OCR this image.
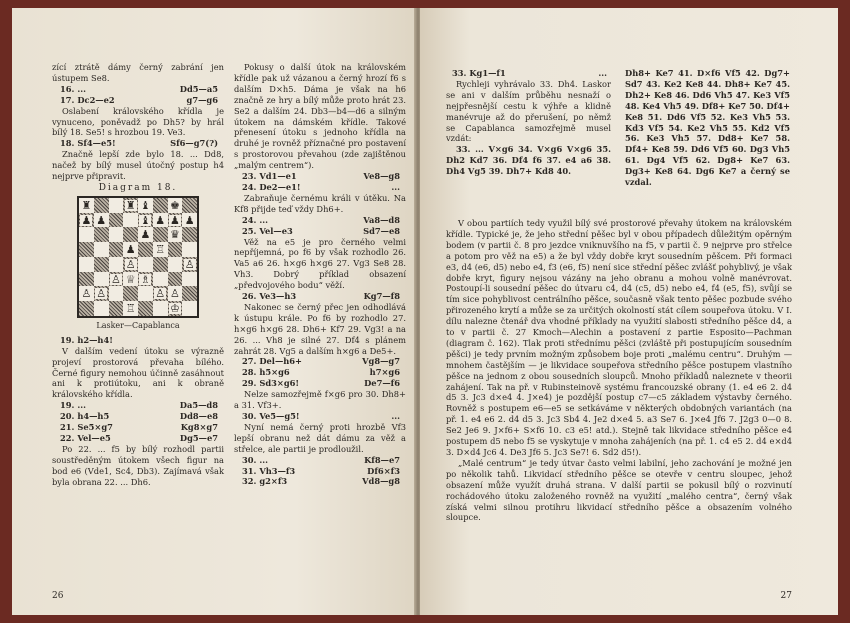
zící ztrátě dámy černý zabrání jen ústupem Se8.

16. ...	Dd5—a5
17. Dc2—e2	g7—g6

Oslabení královského křídla je vynuceno, poněvadž po Dh5? by hrál bílý 18. Se5! s hrozbou 19. Ve3.

18. Sf4—e5!	Sf6—g7(?)

Značně lepší zde bylo 18. ... Dd8, načež by bílý musel útočný postup h4 nejprve připravit.

Diagram 18.
♜	♜ ♝ ♚
♟ ♟	♝ ♟ ♟ ♟
♟ ♛
♟ ♖
♙	♙
♙ ♕ ♗
♙ ♙	♙ ♙
♖	♔
Lasker—Capablanca
19. h2—h4!

V dalším vedení útoku se výrazně projeví prostorová převaha bílého. Černé figury nemohou účinně zasáhnout ani k protiútoku, ani k obraně královského křídla.

19. ...	Da5—d8
20. h4—h5	Dd8—e8
21. Se5×g7	Kg8×g7
22. Vel—e5	Dg5—e7

Po 22. ... f5 by bílý rozhodl partii soustředěným útokem všech figur na bod e6 (Vde1, Sc4, Db3). Zajímavá však byla obrana 22. ... Dh6.

Pokusy o další útok na královském křídle pak už vázanou a černý hrozí f6 s dalším D×h5. Dáma je však na h6 značně ze hry a bílý může proto hrát 23. Se2 a dalším 24. Db3—b4—d6 a silným útokem na dámském křídle. Takové přenesení útoku s jednoho křídla na druhé je rovněž příznačné pro postavení s prostorovou převahou (zde zajištěnou „malým centrem“).

23. Vd1—e1	Ve8—g8
24. De2—e1!	...

Zabraňuje černému králi v útěku. Na Kf8 přijde teď vždy Dh6+.

24. ...	Va8—d8
25. Vel—e3	Sd7—e8

Věž na e5 je pro černého velmi nepříjemná, po f6 by však rozhodlo 26. Va5 a6 26. h×g6 h×g6 27. Vg3 Se8 28. Vh3. Dobrý příklad obsazení „předvojového bodu“ věží.

26. Ve3—h3	Kg7—f8

Nakonec se černý přec jen odhodlává k ústupu krále. Po f6 by rozhodlo 27. h×g6 h×g6 28. Dh6+ Kf7 29. Vg3! a na 26. ... Vh8 je silné 27. Df4 s plánem zahrát 28. Vg5 a dalším h×g6 a De5+.

27. Del—h6+	Vg8—g7
28. h5×g6	h7×g6
29. Sd3×g6!	De7—f6

Nelze samozřejmě f×g6 pro 30. Dh8+ a 31. Vf3+.

30. Ve5—g5!	...

Nyní nemá černý proti hrozbě Vf3 lepší obranu než dát dámu za věž a střelce, ale partii je prodloužil.

30. ...	Kf8—e7
31. Vh3—f3	Df6×f3
32. g2×f3	Vd8—g8
26
33. Kg1—f1	...

Rychleji vyhrávalo 33. Dh4. Laskor se ani v dalším průběhu nesnaží o nejpřesnější cestu k výhře a klidně manévruje až do přerušení, po němž se Capablanca samozřejmě musel vzdát:

33. ... V×g6 34. V×g6 V×g6 35. Dh2 Kd7 36. Df4 f6 37. e4 a6 38. Dh4 Vg5 39. Dh7+ Kd8 40.

Dh8+ Ke7 41. D×f6 Vf5 42. Dg7+ Sd7 43. Ke2 Ke8 44. Dh8+ Ke7 45. Dh2+ Ke8 46. Dd6 Vh5 47. Ke3 Vf5 48. Ke4 Vh5 49. Df8+ Ke7 50. Df4+ Ke8 51. Dd6 Vf5 52. Ke3 Vh5 53. Kd3 Vf5 54. Ke2 Vh5 55. Kd2 Vf5 56. Ke3 Vh5 57. Dd8+ Ke7 58. Df4+ Ke8 59. Dd6 Vf5 60. Dg3 Vh5 61. Dg4 Vf5 62. Dg8+ Ke7 63. Dg3+ Ke8 64. Dg6 Ke7 a černý se vzdal.

V obou partiích tedy využil bílý své prostorové převahy útokem na královském křídle. Typické je, že jeho střední pěšec byl v obou případech důležitým opěrným bodem (v partii č. 8 pro jezdce vniknuvšího na f5, v partii č. 9 nejprve pro střelce a potom pro věž na e5) a že byl vždy dobře kryt sousedním pěšcem. Při formaci e3, d4 (e6, d5) nebo e4, f3 (e6, f5) není sice střední pěšec zvlášť pohyblivý, je však dobře kryt, figury nejsou vázány na jeho obranu a mohou volně manévrovat. Postoupí-li sousední pěšec do útvaru c4, d4 (c5, d5) nebo e4, f4 (e5, f5), svůjí se tím sice pohyblivost centrálního pěšce, současně však tento pěšec pozbude svého přirozeného krytí a může se za určitých okolností stát cílem soupeřova útoku. V I. dílu nalezne čtenář dva vhodné příklady na využití slabosti středního pěšce d4, a to v partii č. 27 Kmoch—Alechin a postavení z partie Esposito—Pachman (diagram č. 162). Tlak proti střednímu pěšci (zvláště při postupujícím sousedním pěšci) je tedy prvním možným způsobem boje proti „malému centru“. Druhým — mnohem častějším — je likvidace soupeřova středního pěšce postupem vlastního pěšce na jednom z obou sousedních sloupců. Mnoho příkladů naleznete v theorii zahájení. Tak na př. v Rubinsteinově systému francouzské obrany (1. e4 e6 2. d4 d5 3. Jc3 d×e4 4. J×e4) je pozdější postup c7—c5 základem výstavby černého. Rovněž s postupem e6—e5 se setkáváme v některých obdobných variantách (na př. 1. e4 e6 2. d4 d5 3. Jc3 Sb4 4. Je2 d×e4 5. a3 Se7 6. J×e4 Jf6 7. J2g3 0—0 8. Se2 Je6 9. J×f6+ S×f6 10. c3 e5! atd.). Stejně tak likvidace středního pěšce e4 postupem d5 nebo f5 se vyskytuje v mnoha zahájeních (na př. 1. c4 e5 2. d4 e×d4 3. D×d4 Jc6 4. De3 Jf6 5. Jc3 Se7! 6. Sd2 d5!).

„Malé centrum“ je tedy útvar často velmi labilní, jeho zachování je možné jen po několik tahů. Likvidací středního pěšce se otevře v centru sloupec, jehož obsazení může využít druhá strana. V další partii se pokusil bílý o rozvinutí rochádového útoku založeného rovněž na využití „malého centra“, černý však získá velmi silnou protihru likvidací středního pěšce a obsazením volného sloupce.

27
